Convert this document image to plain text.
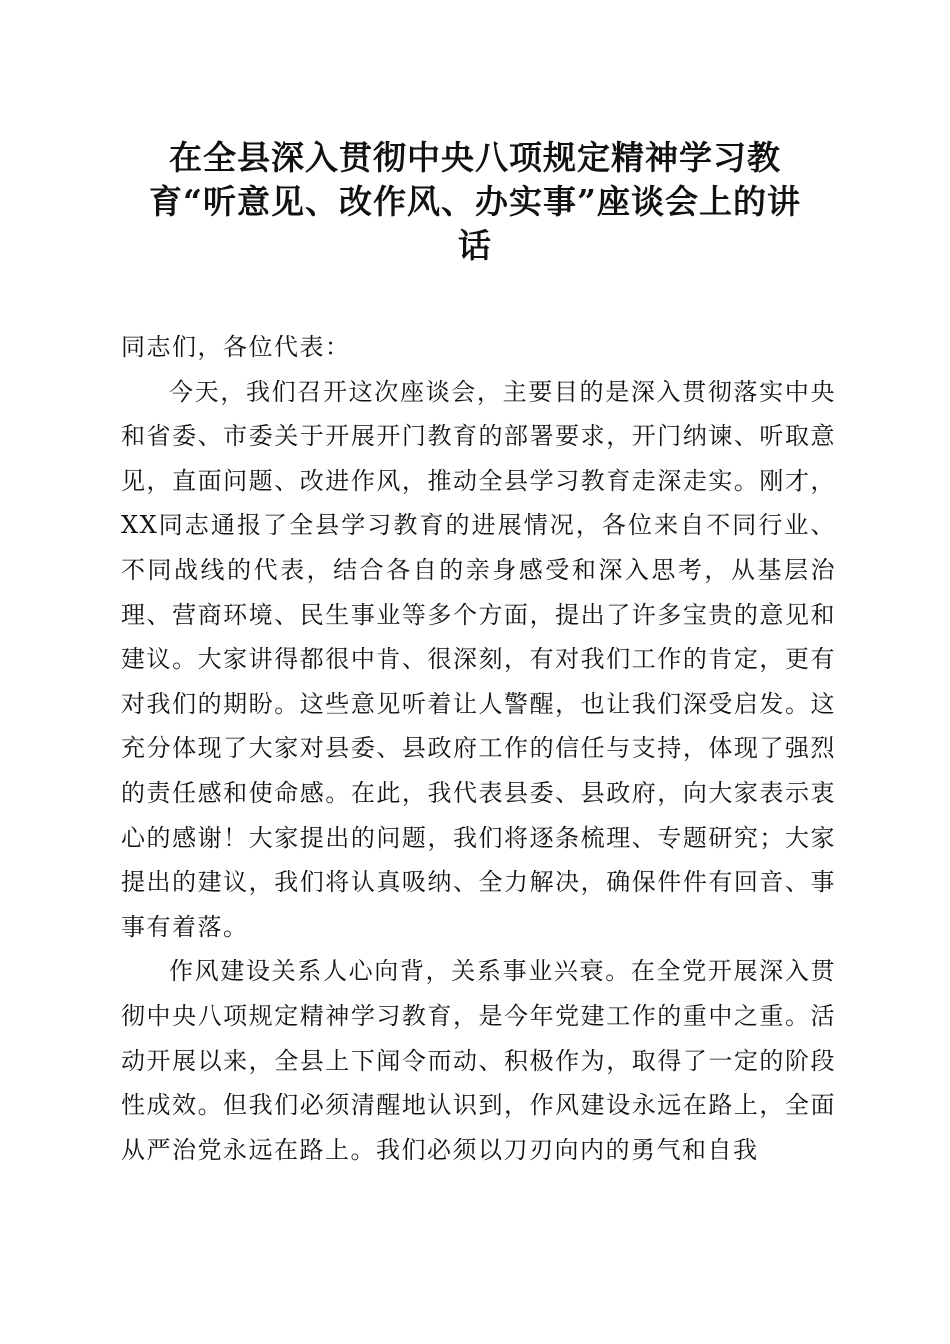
在全县深入贯彻中央八项规定精神学习教
育“听意见、改作风、办实事”座谈会上的讲
话

同志们，各位代表：

今天，我们召开这次座谈会，主要目的是深入贯彻落实中央和省委、市委关于开展开门教育的部署要求，开门纳谏、听取意见，直面问题、改进作风，推动全县学习教育走深走实。刚才，XX同志通报了全县学习教育的进展情况，各位来自不同行业、不同战线的代表，结合各自的亲身感受和深入思考，从基层治理、营商环境、民生事业等多个方面，提出了许多宝贵的意见和建议。大家讲得都很中肯、很深刻，有对我们工作的肯定，更有对我们的期盼。这些意见听着让人警醒，也让我们深受启发。这充分体现了大家对县委、县政府工作的信任与支持，体现了强烈的责任感和使命感。在此，我代表县委、县政府，向大家表示衷心的感谢！大家提出的问题，我们将逐条梳理、专题研究；大家提出的建议，我们将认真吸纳、全力解决，确保件件有回音、事事有着落。

作风建设关系人心向背，关系事业兴衰。在全党开展深入贯彻中央八项规定精神学习教育，是今年党建工作的重中之重。活动开展以来，全县上下闻令而动、积极作为，取得了一定的阶段性成效。但我们必须清醒地认识到，作风建设永远在路上，全面从严治党永远在路上。我们必须以刀刃向内的勇气和自我
